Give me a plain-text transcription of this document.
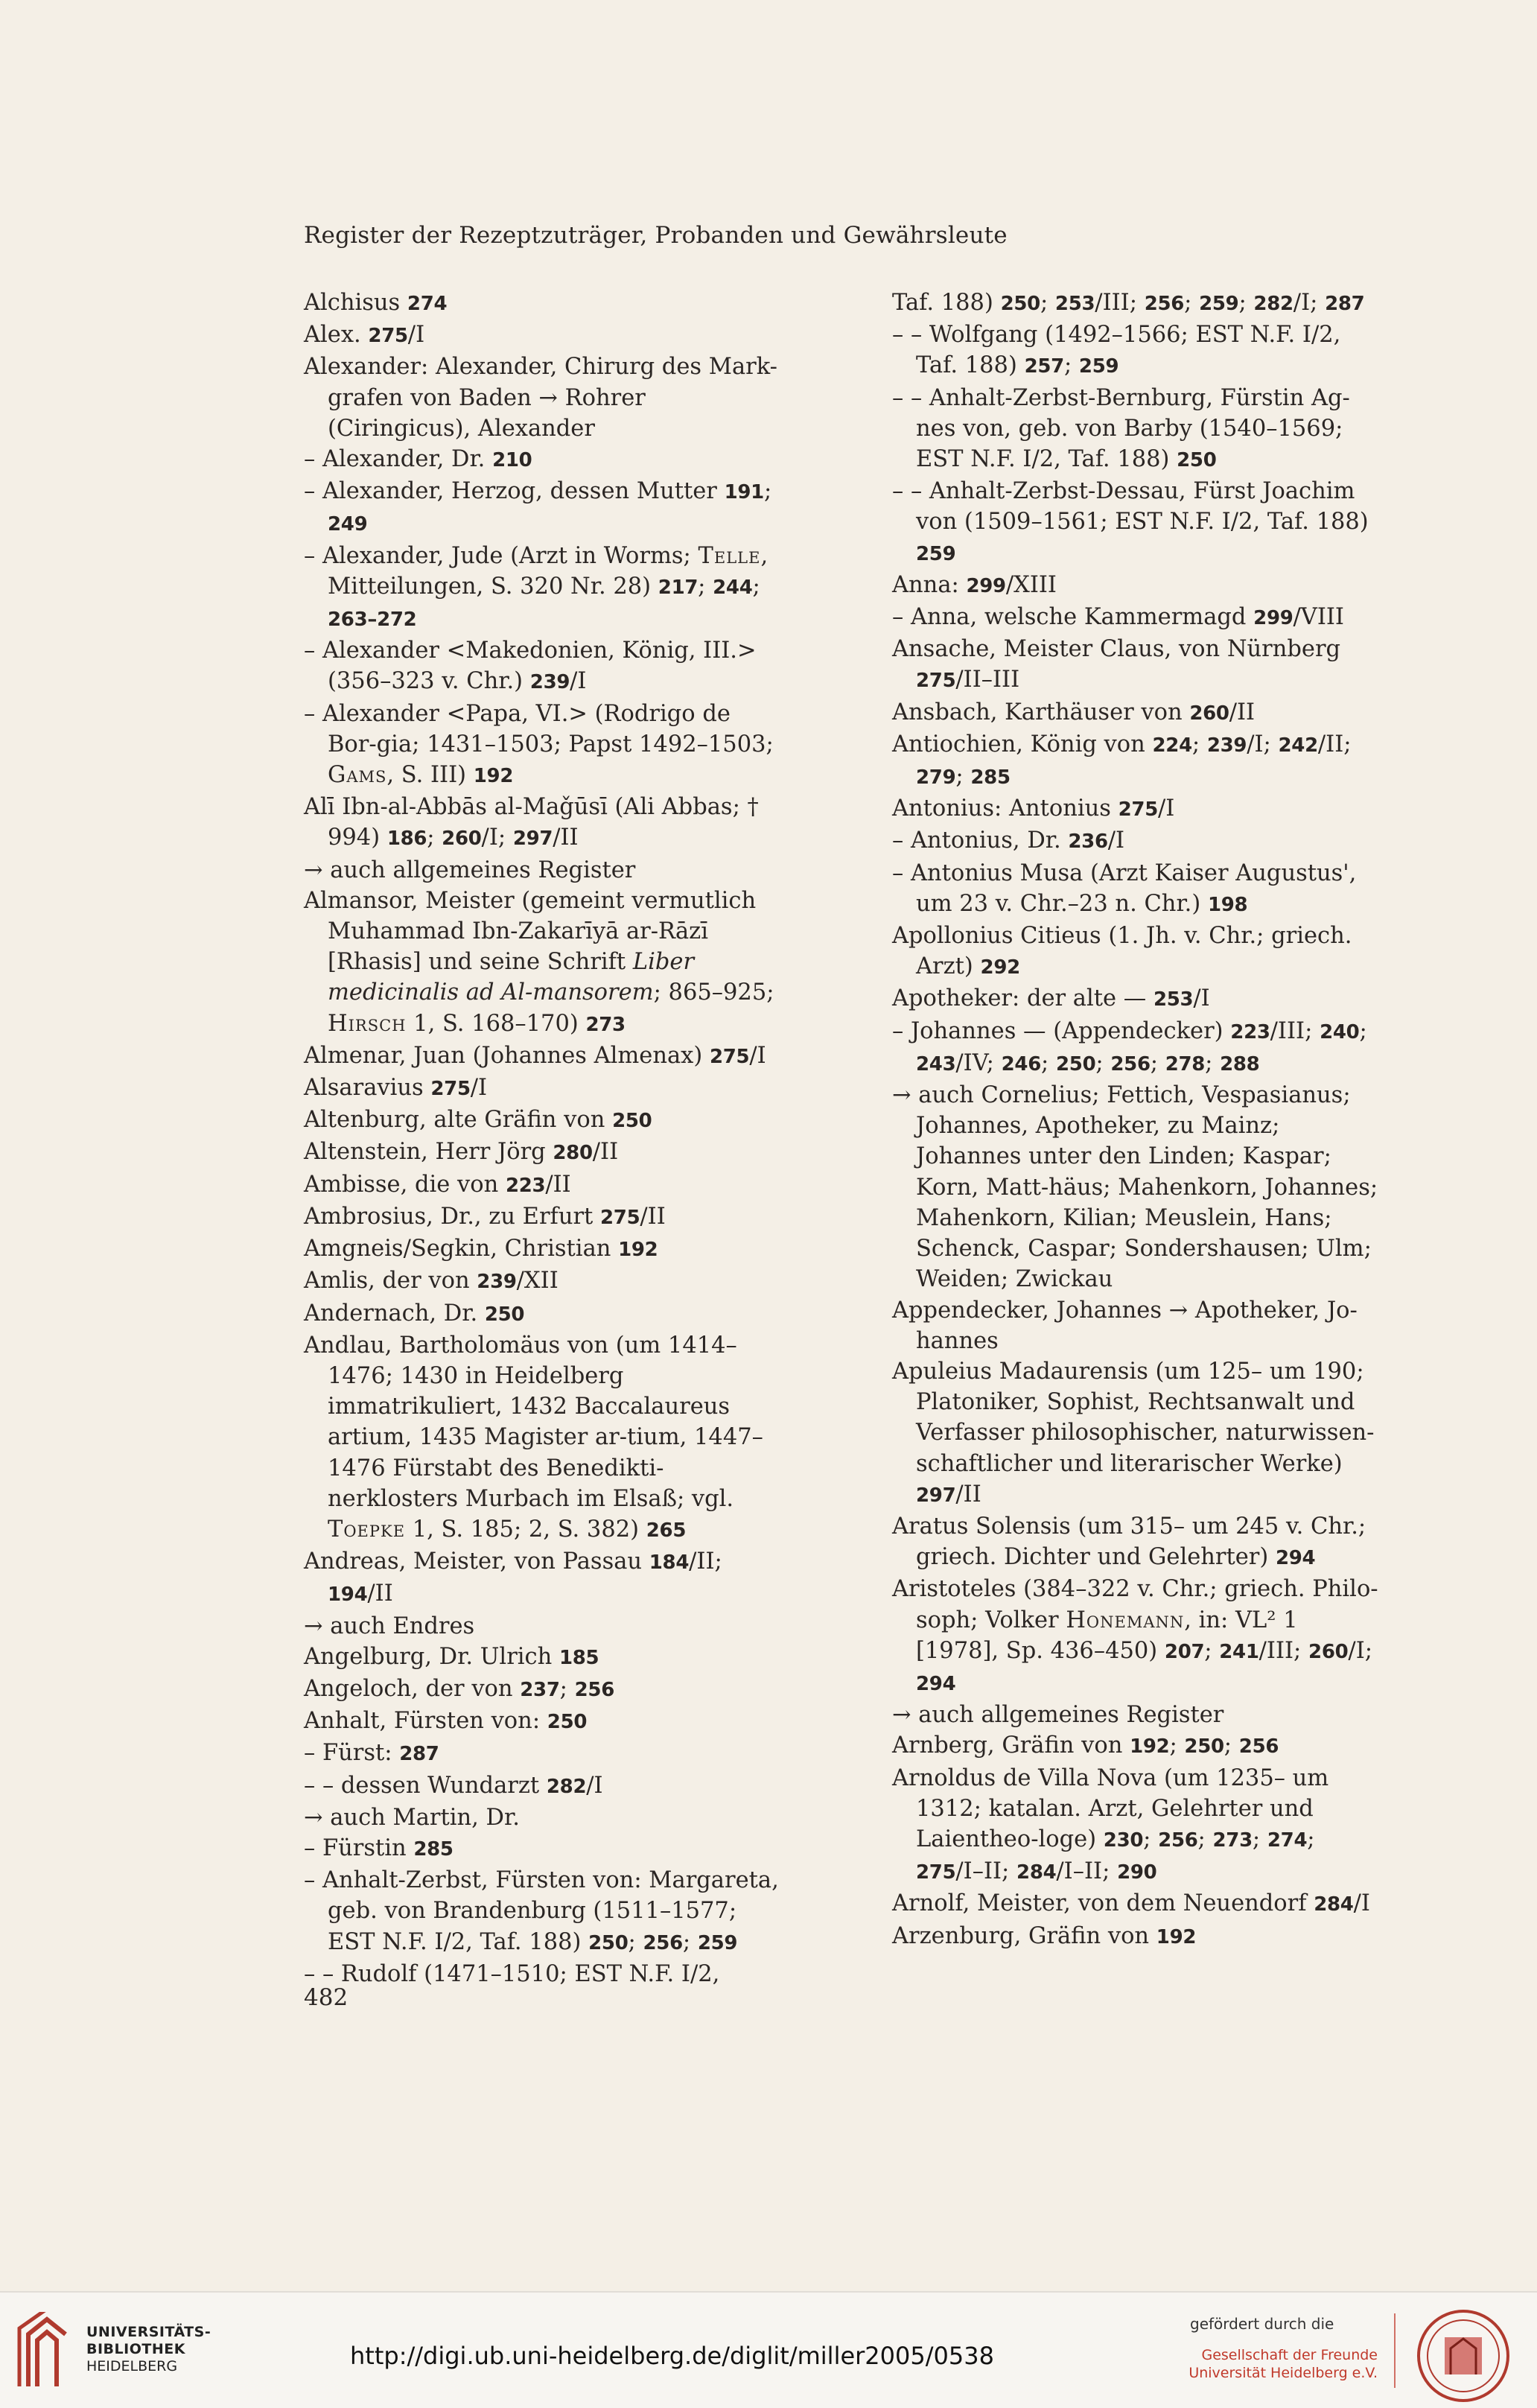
Register der Rezeptzuträger, Probanden und Gewährsleute
Alchisus 274
Alex. 275/I
Alexander: Alexander, Chirurg des Mark-grafen von Baden → Rohrer (Ciringicus), Alexander
– Alexander, Dr. 210
– Alexander, Herzog, dessen Mutter 191; 249
– Alexander, Jude (Arzt in Worms; Telle, Mitteilungen, S. 320 Nr. 28) 217; 244; 263–272
– Alexander <Makedonien, König, III.> (356–323 v. Chr.) 239/I
– Alexander <Papa, VI.> (Rodrigo de Bor-gia; 1431–1503; Papst 1492–1503; Gams, S. III) 192
Alī Ibn-al-Abbās al-Maǧūsī (Ali Abbas; † 994) 186; 260/I; 297/II
→ auch allgemeines Register
Almansor, Meister (gemeint vermutlich Muhammad Ibn-Zakarīyā ar-Rāzī [Rhasis] und seine Schrift Liber medicinalis ad Al-mansorem; 865–925; Hirsch 1, S. 168–170) 273
Almenar, Juan (Johannes Almenax) 275/I
Alsaravius 275/I
Altenburg, alte Gräfin von 250
Altenstein, Herr Jörg 280/II
Ambisse, die von 223/II
Ambrosius, Dr., zu Erfurt 275/II
Amgneis/Segkin, Christian 192
Amlis, der von 239/XII
Andernach, Dr. 250
Andlau, Bartholomäus von (um 1414–1476; 1430 in Heidelberg immatrikuliert, 1432 Baccalaureus artium, 1435 Magister ar-tium, 1447–1476 Fürstabt des Benedikti-nerklosters Murbach im Elsaß; vgl. Toepke 1, S. 185; 2, S. 382) 265
Andreas, Meister, von Passau 184/II; 194/II
→ auch Endres
Angelburg, Dr. Ulrich 185
Angeloch, der von 237; 256
Anhalt, Fürsten von: 250
– Fürst: 287
– – dessen Wundarzt 282/I
→ auch Martin, Dr.
– Fürstin 285
– Anhalt-Zerbst, Fürsten von: Margareta, geb. von Brandenburg (1511–1577; EST N.F. I/2, Taf. 188) 250; 256; 259
– – Rudolf (1471–1510; EST N.F. I/2,
Taf. 188) 250; 253/III; 256; 259; 282/I; 287
– – Wolfgang (1492–1566; EST N.F. I/2, Taf. 188) 257; 259
– – Anhalt-Zerbst-Bernburg, Fürstin Ag-nes von, geb. von Barby (1540–1569; EST N.F. I/2, Taf. 188) 250
– – Anhalt-Zerbst-Dessau, Fürst Joachim von (1509–1561; EST N.F. I/2, Taf. 188) 259
Anna: 299/XIII
– Anna, welsche Kammermagd 299/VIII
Ansache, Meister Claus, von Nürnberg 275/II–III
Ansbach, Karthäuser von 260/II
Antiochien, König von 224; 239/I; 242/II; 279; 285
Antonius: Antonius 275/I
– Antonius, Dr. 236/I
– Antonius Musa (Arzt Kaiser Augustus', um 23 v. Chr.–23 n. Chr.) 198
Apollonius Citieus (1. Jh. v. Chr.; griech. Arzt) 292
Apotheker: der alte — 253/I
– Johannes — (Appendecker) 223/III; 240; 243/IV; 246; 250; 256; 278; 288
→ auch Cornelius; Fettich, Vespasianus; Johannes, Apotheker, zu Mainz; Johannes unter den Linden; Kaspar; Korn, Matt-häus; Mahenkorn, Johannes; Mahenkorn, Kilian; Meuslein, Hans; Schenck, Caspar; Sondershausen; Ulm; Weiden; Zwickau
Appendecker, Johannes → Apotheker, Jo-hannes
Apuleius Madaurensis (um 125– um 190; Platoniker, Sophist, Rechtsanwalt und Verfasser philosophischer, naturwissen-schaftlicher und literarischer Werke) 297/II
Aratus Solensis (um 315– um 245 v. Chr.; griech. Dichter und Gelehrter) 294
Aristoteles (384–322 v. Chr.; griech. Philo-soph; Volker Honemann, in: VL² 1 [1978], Sp. 436–450) 207; 241/III; 260/I; 294
→ auch allgemeines Register
Arnberg, Gräfin von 192; 250; 256
Arnoldus de Villa Nova (um 1235– um 1312; katalan. Arzt, Gelehrter und Laientheo-loge) 230; 256; 273; 274; 275/I–II; 284/I–II; 290
Arnolf, Meister, von dem Neuendorf 284/I
Arzenburg, Gräfin von 192
482
UNIVERSITÄTS-
BIBLIOTHEK
HEIDELBERG	http://digi.ub.uni-heidelberg.de/diglit/miller2005/0538
gefördert durch die
Gesellschaft der Freunde
Universität Heidelberg e.V.
